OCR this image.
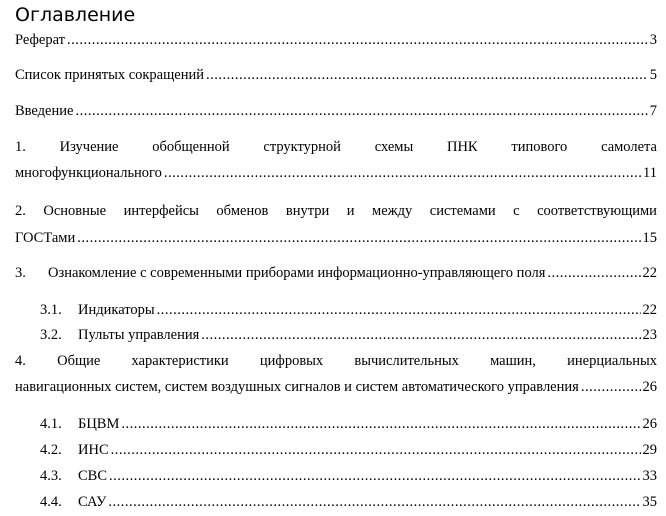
Оглавление
Реферат .....	3
Список принятых сокращений .....	5
Введение .....	7
1. Изучение обобщенной структурной схемы ПНК типового самолета
многофункционального .....	11
2. Основные интерфейсы обменов внутри и между системами с соответствующими
ГОСТами .....	15
3.	Ознакомление с современными приборами информационно-управляющего поля .....	22
3.1.	Индикаторы .....	22
3.2.	Пульты управления .....	23
4. Общие характеристики цифровых вычислительных машин, инерциальных
навигационных систем, систем воздушных сигналов и систем автоматического управления .....	26
4.1.	БЦВМ .....	26
4.2.	ИНС .....	29
4.3.	СВС .....	33
4.4.	САУ .....	35
